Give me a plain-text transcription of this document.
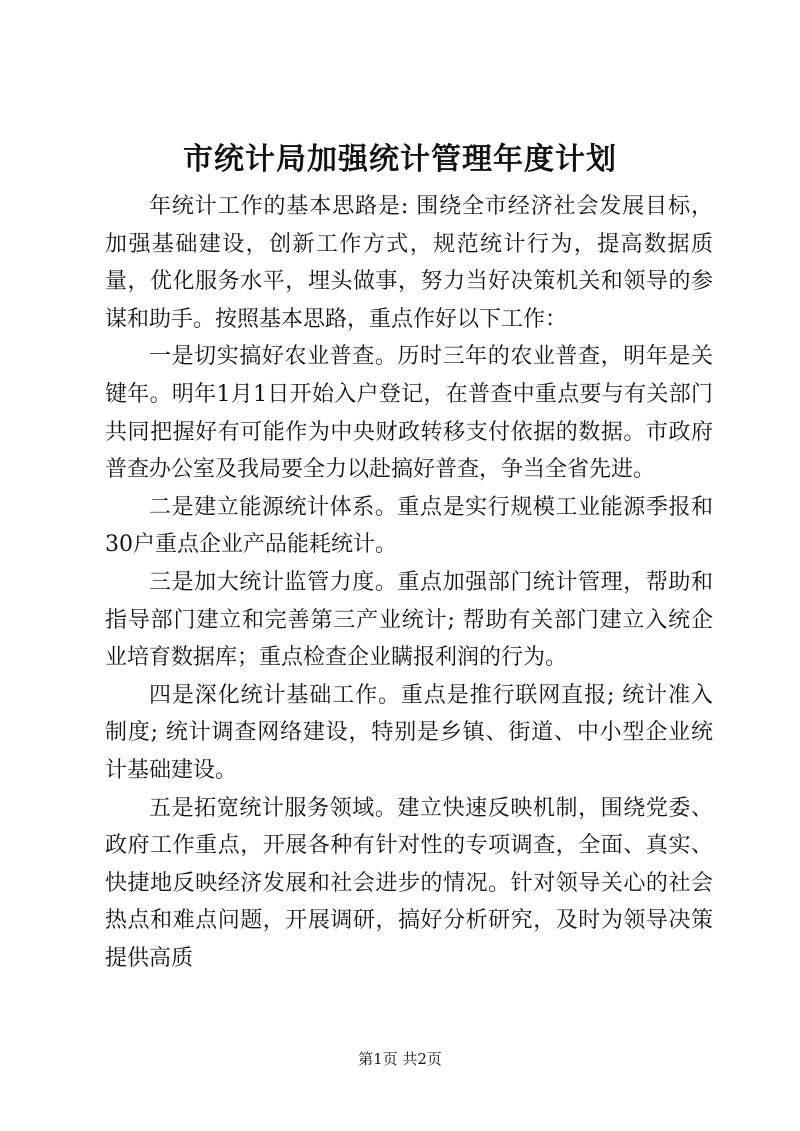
市统计局加强统计管理年度计划

年统计工作的基本思路是: 围绕全市经济社会发展目标，加强基础建设，创新工作方式，规范统计行为，提高数据质量，优化服务水平，埋头做事，努力当好决策机关和领导的参谋和助手。按照基本思路，重点作好以下工作：

一是切实搞好农业普查。历时三年的农业普查，明年是关键年。明年1月1日开始入户登记，在普查中重点要与有关部门共同把握好有可能作为中央财政转移支付依据的数据。市政府普查办公室及我局要全力以赴搞好普查，争当全省先进。

二是建立能源统计体系。重点是实行规模工业能源季报和30户重点企业产品能耗统计。

三是加大统计监管力度。重点加强部门统计管理，帮助和指导部门建立和完善第三产业统计; 帮助有关部门建立入统企业培育数据库；重点检查企业瞒报利润的行为。

四是深化统计基础工作。重点是推行联网直报; 统计准入制度; 统计调查网络建设，特别是乡镇、街道、中小型企业统计基础建设。

五是拓宽统计服务领域。建立快速反映机制，围绕党委、政府工作重点，开展各种有针对性的专项调查，全面、真实、快捷地反映经济发展和社会进步的情况。针对领导关心的社会热点和难点问题，开展调研，搞好分析研究，及时为领导决策提供高质

第1页 共2页
